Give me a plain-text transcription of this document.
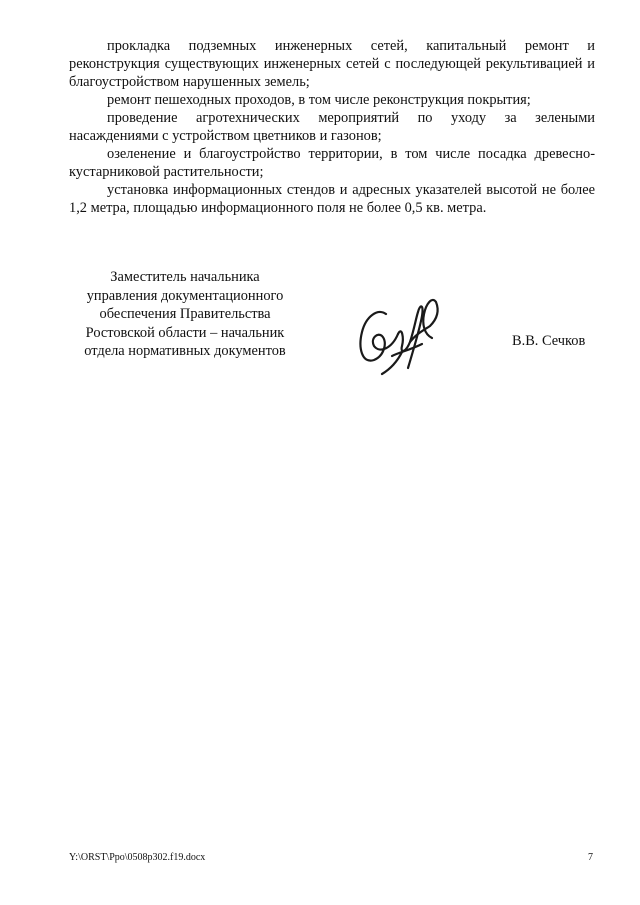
прокладка подземных инженерных сетей, капитальный ремонт и реконструкция существующих инженерных сетей с последующей рекультивацией и благоустройством нарушенных земель;

ремонт пешеходных проходов, в том числе реконструкция покрытия;

проведение агротехнических мероприятий по уходу за зелеными насаждениями с устройством цветников и газонов;

озеленение и благоустройство территории, в том числе посадка древесно-кустарниковой растительности;

установка информационных стендов и адресных указателей высотой не более 1,2 метра, площадью информационного поля не более 0,5 кв. метра.

Заместитель начальника
управления документационного
обеспечения Правительства
Ростовской области – начальник
отдела нормативных документов
В.В. Сечков
Y:\ORST\Ppo\0508p302.f19.docx	7
